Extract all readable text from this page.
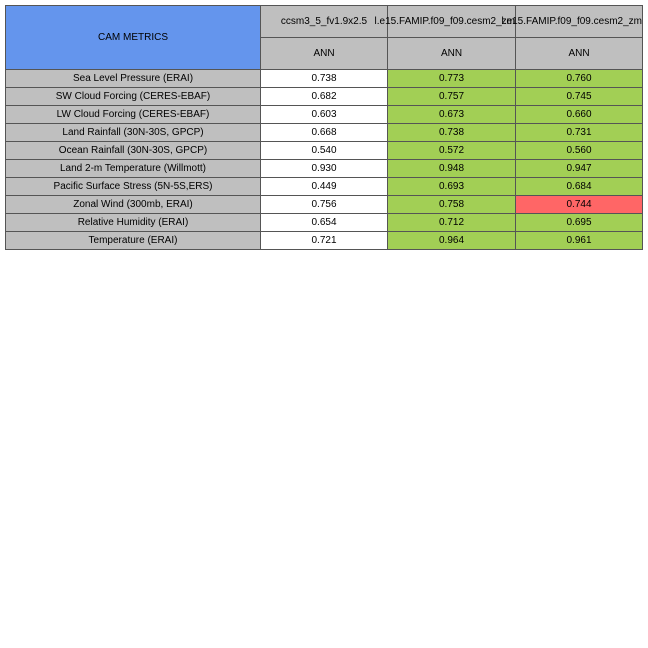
CAM METRICS	ccsm3_5_fv1.9x2.5	l.e15.FAMIP.f09_f09.cesm2_zm	l.e15.FAMIP.f09_f09.cesm2_zm

	ANN	ANN	ANN
Sea Level Pressure (ERAI)	0.738	0.773	0.760
SW Cloud Forcing (CERES-EBAF)	0.682	0.757	0.745
LW Cloud Forcing (CERES-EBAF)	0.603	0.673	0.660
Land Rainfall (30N-30S, GPCP)	0.668	0.738	0.731
Ocean Rainfall (30N-30S, GPCP)	0.540	0.572	0.560
Land 2-m Temperature (Willmott)	0.930	0.948	0.947
Pacific Surface Stress (5N-5S,ERS)	0.449	0.693	0.684
Zonal Wind (300mb, ERAI)	0.756	0.758	0.744
Relative Humidity (ERAI)	0.654	0.712	0.695
Temperature (ERAI)	0.721	0.964	0.961
